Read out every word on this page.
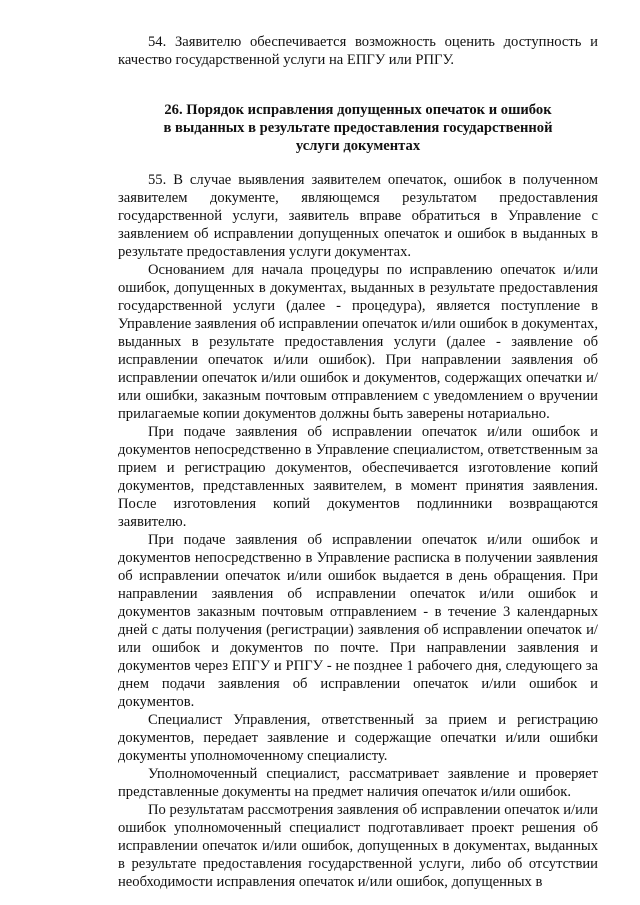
54. Заявителю обеспечивается возможность оценить доступность и качество государственной услуги на ЕПГУ или РПГУ.

26. Порядок исправления допущенных опечаток и ошибок
в выданных в результате предоставления государственной
услуги документах

55. В случае выявления заявителем опечаток, ошибок в полученном заявителем документе, являющемся результатом предоставления государственной услуги, заявитель вправе обратиться в Управление с заявлением об исправлении допущенных опечаток и ошибок в выданных в результате предоставления услуги документах.

Основанием для начала процедуры по исправлению опечаток и/или ошибок, допущенных в документах, выданных в результате предоставления государственной услуги (далее - процедура), является поступление в Управление заявления об исправлении опечаток и/или ошибок в документах, выданных в результате предоставления услуги (далее - заявление об исправлении опечаток и/или ошибок). При направлении заявления об исправлении опечаток и/или ошибок и документов, содержащих опечатки и/или ошибки, заказным почтовым отправлением с уведомлением о вручении прилагаемые копии документов должны быть заверены нотариально.

При подаче заявления об исправлении опечаток и/или ошибок и документов непосредственно в Управление специалистом, ответственным за прием и регистрацию документов, обеспечивается изготовление копий документов, представленных заявителем, в момент принятия заявления. После изготовления копий документов подлинники возвращаются заявителю.

При подаче заявления об исправлении опечаток и/или ошибок и документов непосредственно в Управление расписка в получении заявления об исправлении опечаток и/или ошибок выдается в день обращения. При направлении заявления об исправлении опечаток и/или ошибок и документов заказным почтовым отправлением - в течение 3 календарных дней с даты получения (регистрации) заявления об исправлении опечаток и/или ошибок и документов по почте. При направлении заявления и документов через ЕПГУ и РПГУ - не позднее 1 рабочего дня, следующего за днем подачи заявления об исправлении опечаток и/или ошибок и документов.

Специалист Управления, ответственный за прием и регистрацию документов, передает заявление и содержащие опечатки и/или ошибки документы уполномоченному специалисту.

Уполномоченный специалист, рассматривает заявление и проверяет представленные документы на предмет наличия опечаток и/или ошибок.

По результатам рассмотрения заявления об исправлении опечаток и/или ошибок уполномоченный специалист подготавливает проект решения об исправлении опечаток и/или ошибок, допущенных в документах, выданных в результате предоставления государственной услуги, либо об отсутствии необходимости исправления опечаток и/или ошибок, допущенных в
